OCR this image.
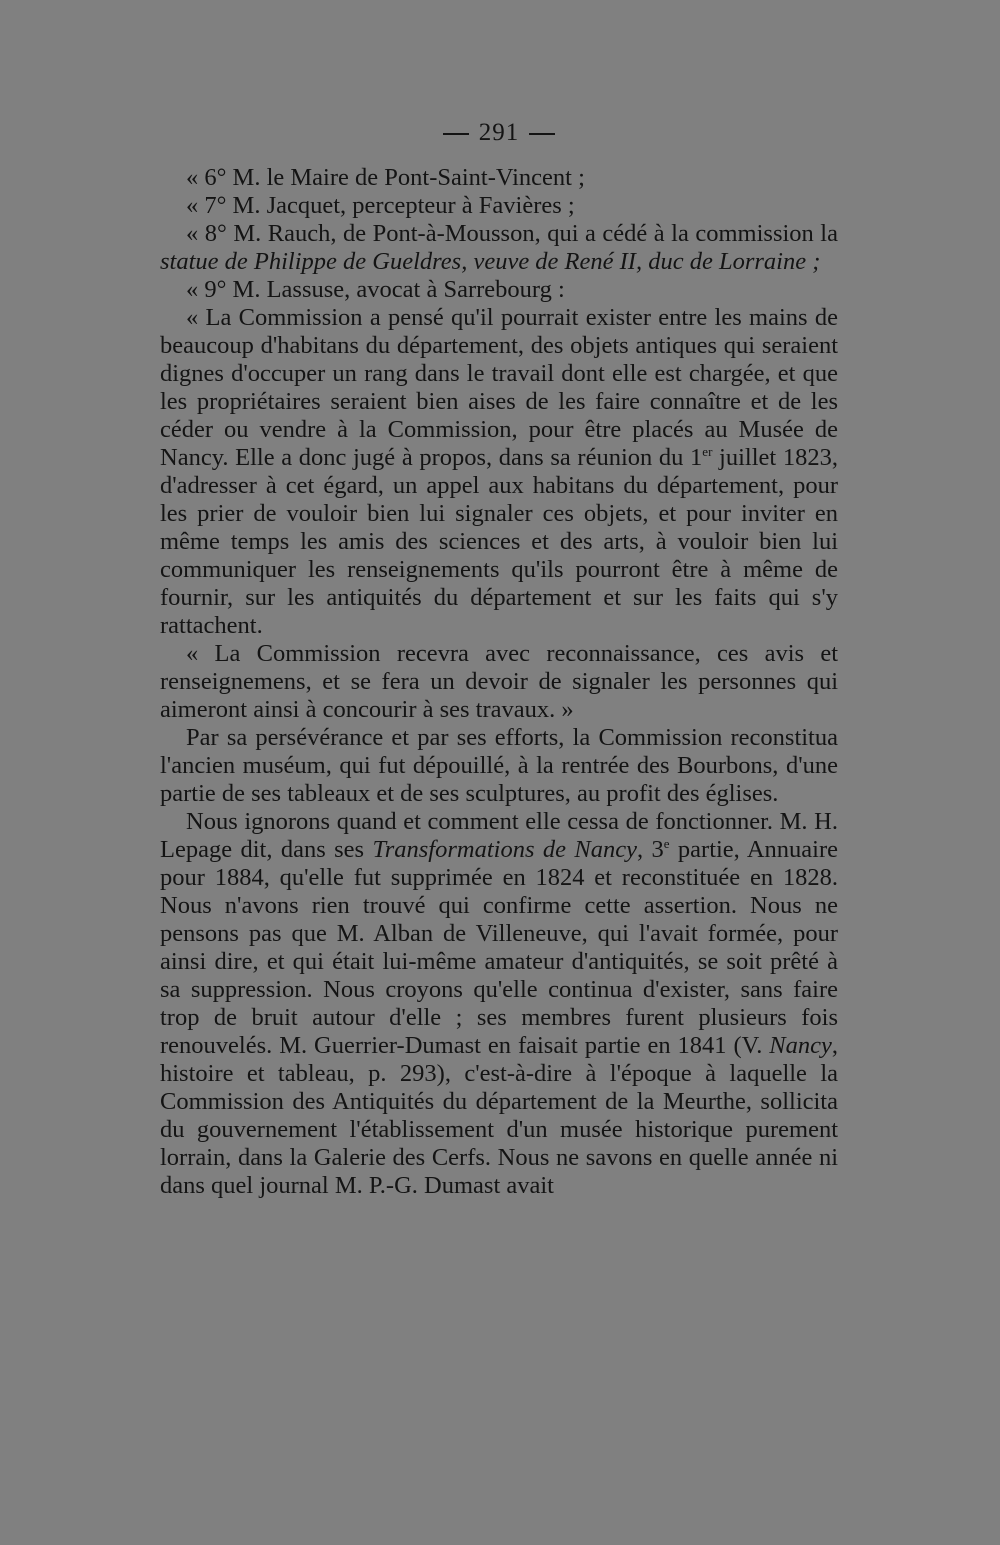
291

« 6° M. le Maire de Pont-Saint-Vincent ;

« 7° M. Jacquet, percepteur à Favières ;

« 8° M. Rauch, de Pont-à-Mousson, qui a cédé à la commission la statue de Philippe de Gueldres, veuve de René II, duc de Lorraine ;

« 9° M. Lassuse, avocat à Sarrebourg :

« La Commission a pensé qu'il pourrait exister entre les mains de beaucoup d'habitans du département, des objets antiques qui seraient dignes d'occuper un rang dans le travail dont elle est chargée, et que les propriétaires seraient bien aises de les faire connaître et de les céder ou vendre à la Commission, pour être placés au Musée de Nancy. Elle a donc jugé à propos, dans sa réunion du 1er juillet 1823, d'adresser à cet égard, un appel aux habitans du département, pour les prier de vouloir bien lui signaler ces objets, et pour inviter en même temps les amis des sciences et des arts, à vouloir bien lui communiquer les renseignements qu'ils pourront être à même de fournir, sur les antiquités du département et sur les faits qui s'y rattachent.

« La Commission recevra avec reconnaissance, ces avis et renseignemens, et se fera un devoir de signaler les personnes qui aimeront ainsi à concourir à ses travaux. »

Par sa persévérance et par ses efforts, la Commission reconstitua l'ancien muséum, qui fut dépouillé, à la rentrée des Bourbons, d'une partie de ses tableaux et de ses sculptures, au profit des églises.

Nous ignorons quand et comment elle cessa de fonctionner. M. H. Lepage dit, dans ses Transformations de Nancy, 3e partie, Annuaire pour 1884, qu'elle fut supprimée en 1824 et reconstituée en 1828. Nous n'avons rien trouvé qui confirme cette assertion. Nous ne pensons pas que M. Alban de Villeneuve, qui l'avait formée, pour ainsi dire, et qui était lui-même amateur d'antiquités, se soit prêté à sa suppression. Nous croyons qu'elle continua d'exister, sans faire trop de bruit autour d'elle ; ses membres furent plusieurs fois renouvelés. M. Guerrier-Dumast en faisait partie en 1841 (V. Nancy, histoire et tableau, p. 293), c'est-à-dire à l'époque à laquelle la Commission des Antiquités du département de la Meurthe, sollicita du gouvernement l'établissement d'un musée historique purement lorrain, dans la Galerie des Cerfs. Nous ne savons en quelle année ni dans quel journal M. P.-G. Dumast avait
